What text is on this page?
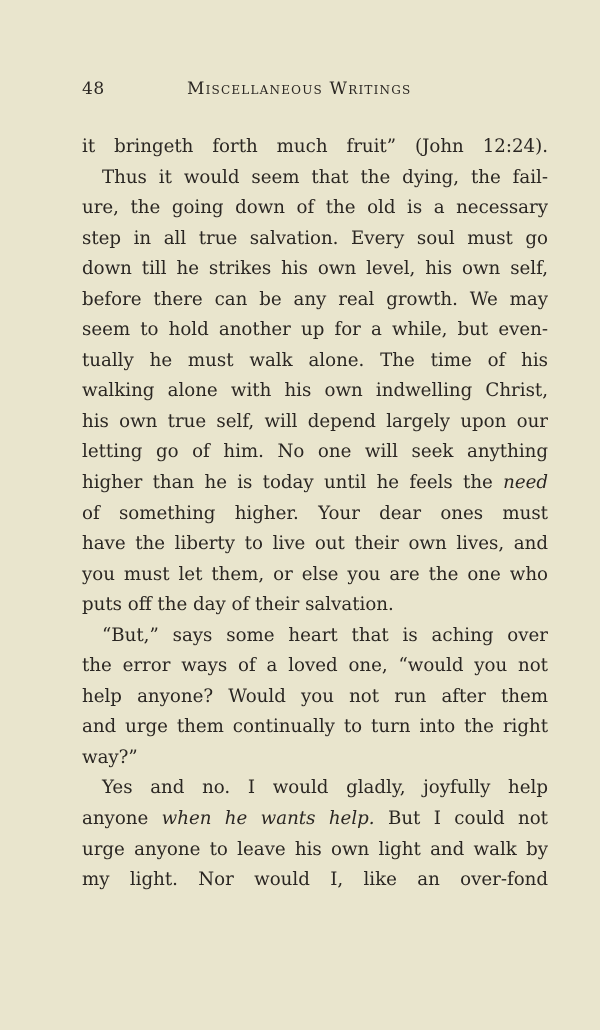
48	Miscellaneous Writings
it bringeth forth much fruit” (John 12:24).
Thus it would seem that the dying, the fail-
ure, the going down of the old is a necessary
step in all true salvation. Every soul must go
down till he strikes his own level, his own self,
before there can be any real growth. We may
seem to hold another up for a while, but even-
tually he must walk alone. The time of his
walking alone with his own indwelling Christ,
his own true self, will depend largely upon our
letting go of him. No one will seek anything
higher than he is today until he feels the need
of something higher. Your dear ones must
have the liberty to live out their own lives, and
you must let them, or else you are the one who
puts off the day of their salvation.
“But,” says some heart that is aching over
the error ways of a loved one, “would you not
help anyone? Would you not run after them
and urge them continually to turn into the right
way?”
Yes and no. I would gladly, joyfully help
anyone when he wants help. But I could not
urge anyone to leave his own light and walk by
my light. Nor would I, like an over-fond
